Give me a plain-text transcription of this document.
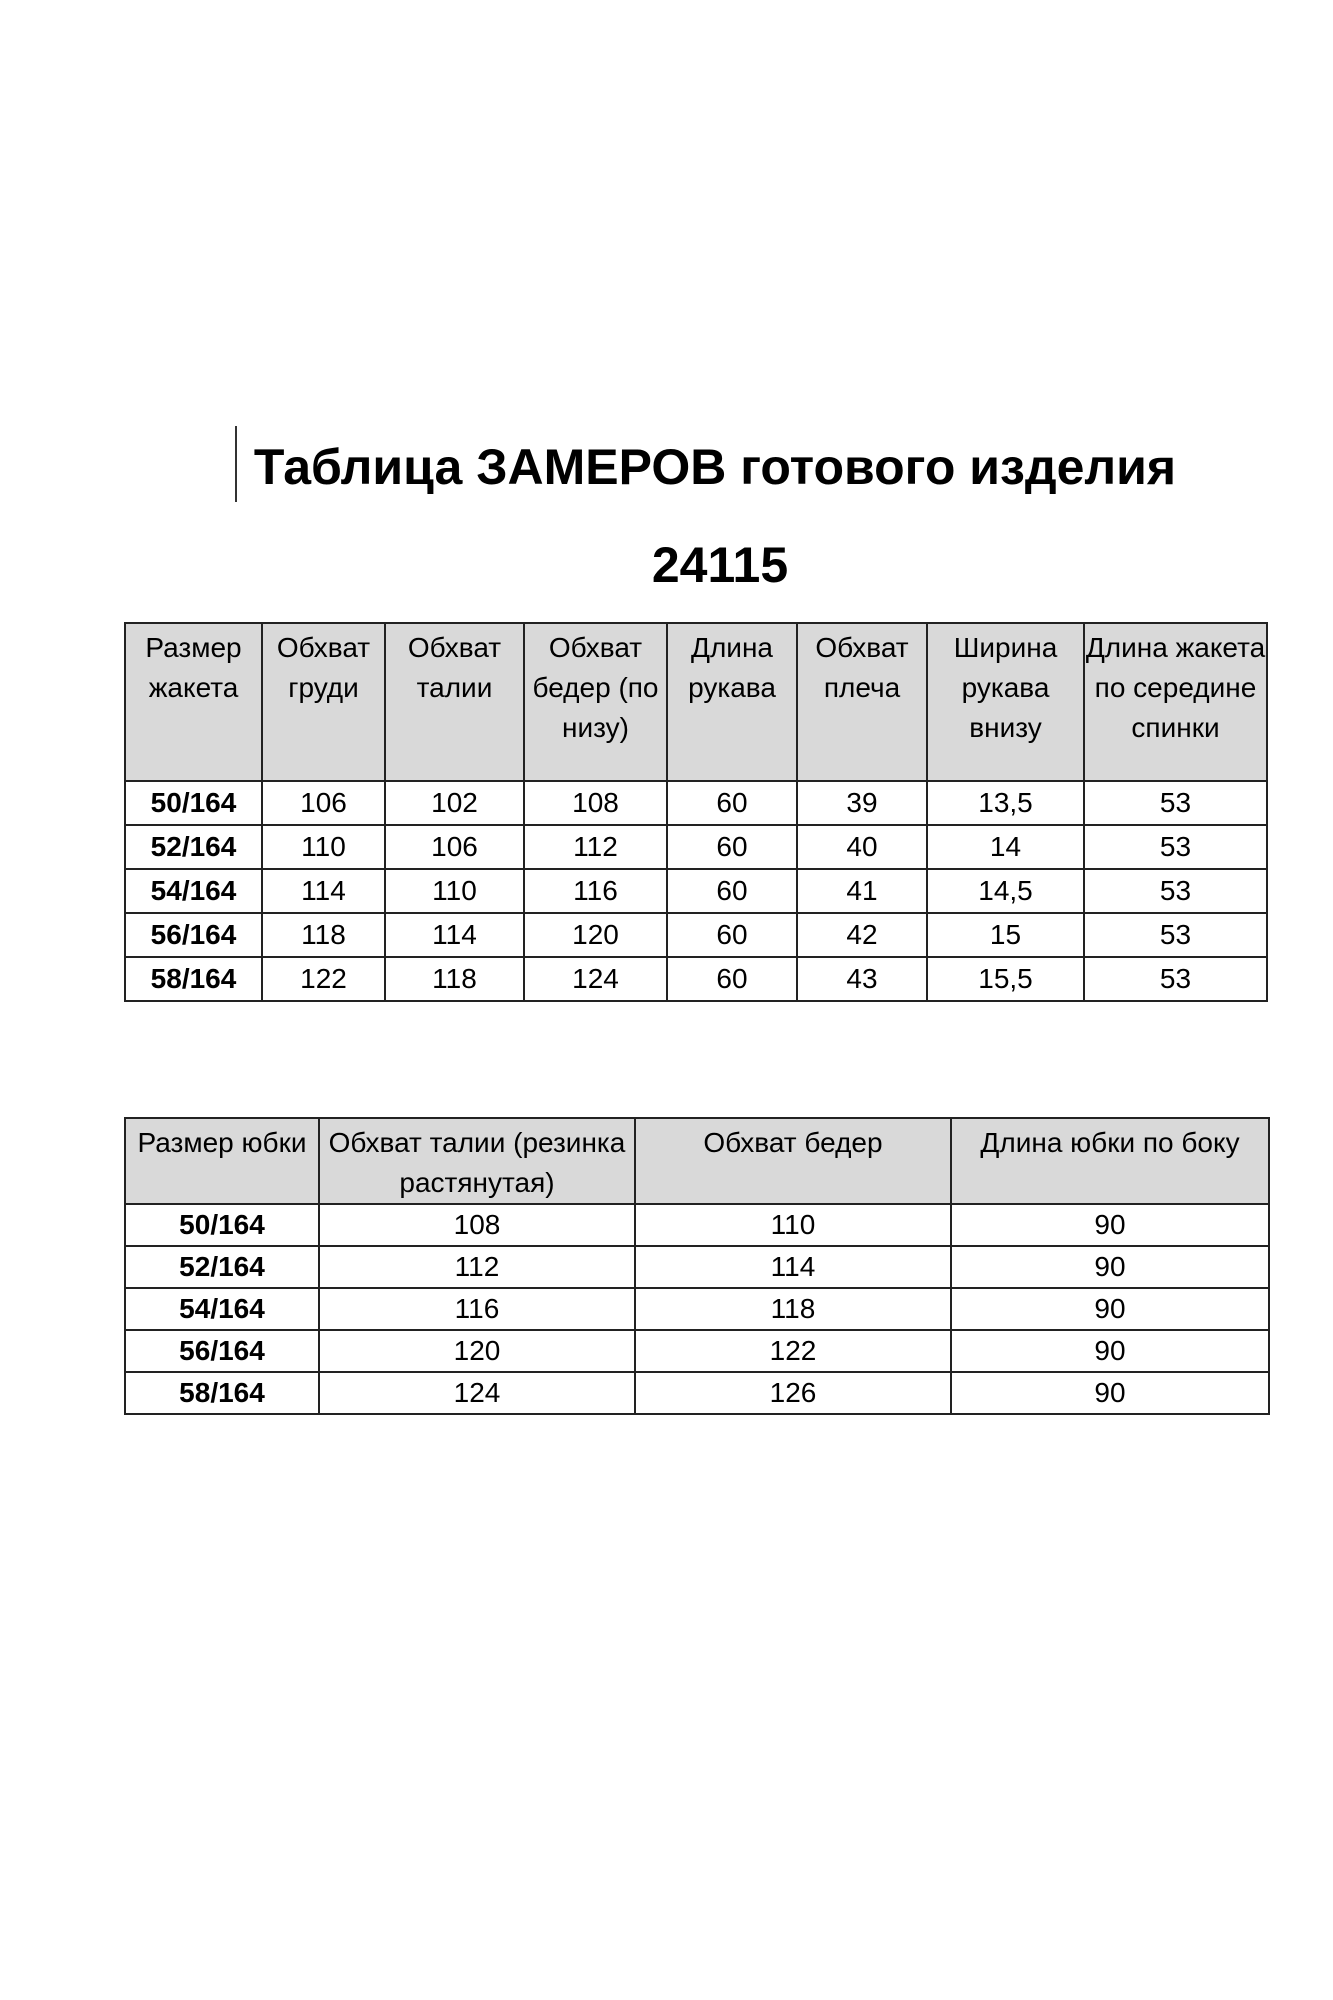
Таблица ЗАМЕРОВ готового изделия
24115
Размер жакета	Обхват груди	Обхват талии	Обхват бедер (по низу)	Длина рукава	Обхват плеча	Ширина рукава внизу	Длина жакета по середине спинки
50/164	106	102	108	60	39	13,5	53
52/164	110	106	112	60	40	14	53
54/164	114	110	116	60	41	14,5	53
56/164	118	114	120	60	42	15	53
58/164	122	118	124	60	43	15,5	53
Размер юбки	Обхват талии (резинка растянутая)	Обхват бедер	Длина юбки по боку
50/164	108	110	90
52/164	112	114	90
54/164	116	118	90
56/164	120	122	90
58/164	124	126	90
